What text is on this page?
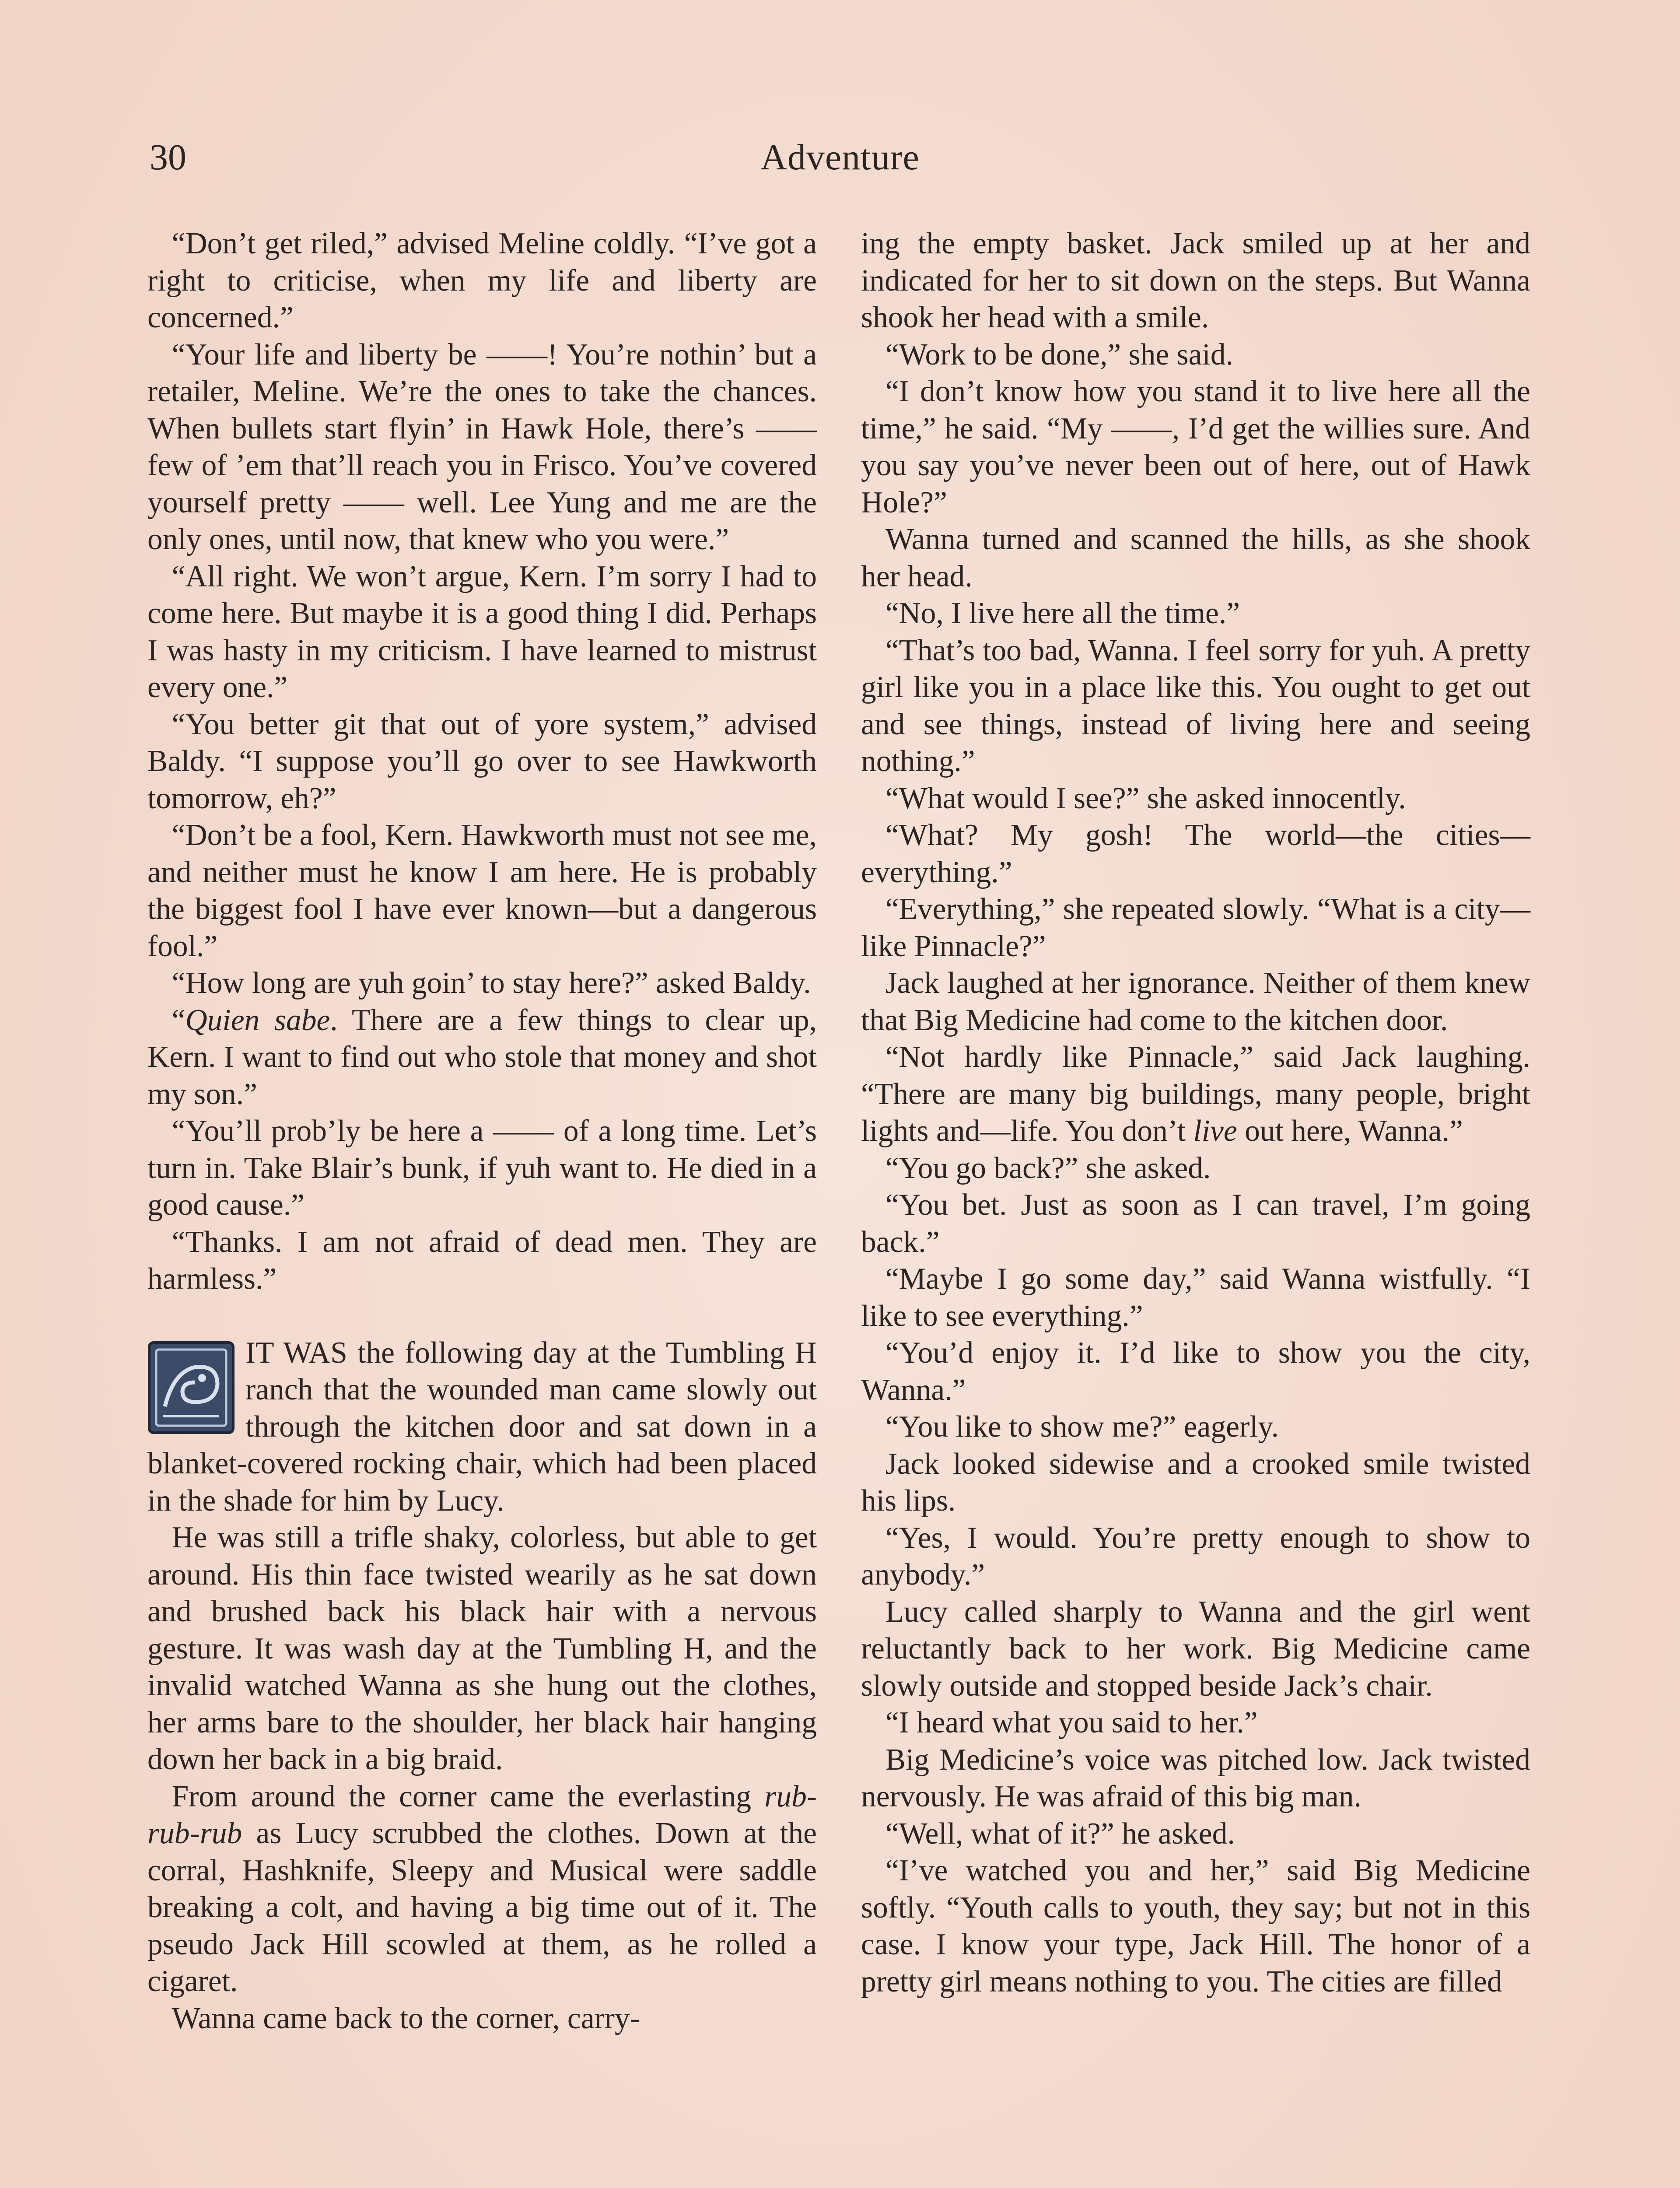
30	Adventure

“Don’t get riled,” advised Meline coldly. “I’ve got a right to criticise, when my life and liberty are concerned.”

“Your life and liberty be ——! You’re nothin’ but a retailer, Meline. We’re the ones to take the chances. When bullets start flyin’ in Hawk Hole, there’s —— few of ’em that’ll reach you in Frisco. You’ve covered yourself pretty —— well. Lee Yung and me are the only ones, until now, that knew who you were.”

“All right. We won’t argue, Kern. I’m sorry I had to come here. But maybe it is a good thing I did. Perhaps I was hasty in my criticism. I have learned to mistrust every one.”

“You better git that out of yore system,” advised Baldy. “I suppose you’ll go over to see Hawkworth tomorrow, eh?”

“Don’t be a fool, Kern. Hawkworth must not see me, and neither must he know I am here. He is probably the biggest fool I have ever known—but a dangerous fool.”

“How long are yuh goin’ to stay here?” asked Baldy.

“Quien sabe. There are a few things to clear up, Kern. I want to find out who stole that money and shot my son.”

“You’ll prob’ly be here a —— of a long time. Let’s turn in. Take Blair’s bunk, if yuh want to. He died in a good cause.”

“Thanks. I am not afraid of dead men. They are harmless.”

IT WAS the following day at the Tumbling H ranch that the wounded man came slowly out through the kitchen door and sat down in a blanket-covered rocking chair, which had been placed in the shade for him by Lucy.

He was still a trifle shaky, colorless, but able to get around. His thin face twisted wearily as he sat down and brushed back his black hair with a nervous gesture. It was wash day at the Tumbling H, and the invalid watched Wanna as she hung out the clothes, her arms bare to the shoulder, her black hair hanging down her back in a big braid.

From around the corner came the everlasting rub-rub-rub as Lucy scrubbed the clothes. Down at the corral, Hashknife, Sleepy and Musical were saddle breaking a colt, and having a big time out of it. The pseudo Jack Hill scowled at them, as he rolled a cigaret.

Wanna came back to the corner, carry-

ing the empty basket. Jack smiled up at her and indicated for her to sit down on the steps. But Wanna shook her head with a smile.

“Work to be done,” she said.

“I don’t know how you stand it to live here all the time,” he said. “My ——, I’d get the willies sure. And you say you’ve never been out of here, out of Hawk Hole?”

Wanna turned and scanned the hills, as she shook her head.

“No, I live here all the time.”

“That’s too bad, Wanna. I feel sorry for yuh. A pretty girl like you in a place like this. You ought to get out and see things, instead of living here and seeing nothing.”

“What would I see?” she asked innocently.

“What? My gosh! The world—the cities—everything.”

“Everything,” she repeated slowly. “What is a city—like Pinnacle?”

Jack laughed at her ignorance. Neither of them knew that Big Medicine had come to the kitchen door.

“Not hardly like Pinnacle,” said Jack laughing. “There are many big buildings, many people, bright lights and—life. You don’t live out here, Wanna.”

“You go back?” she asked.

“You bet. Just as soon as I can travel, I’m going back.”

“Maybe I go some day,” said Wanna wistfully. “I like to see everything.”

“You’d enjoy it. I’d like to show you the city, Wanna.”

“You like to show me?” eagerly.

Jack looked sidewise and a crooked smile twisted his lips.

“Yes, I would. You’re pretty enough to show to anybody.”

Lucy called sharply to Wanna and the girl went reluctantly back to her work. Big Medicine came slowly outside and stopped beside Jack’s chair.

“I heard what you said to her.”

Big Medicine’s voice was pitched low. Jack twisted nervously. He was afraid of this big man.

“Well, what of it?” he asked.

“I’ve watched you and her,” said Big Medicine softly. “Youth calls to youth, they say; but not in this case. I know your type, Jack Hill. The honor of a pretty girl means nothing to you. The cities are filled
